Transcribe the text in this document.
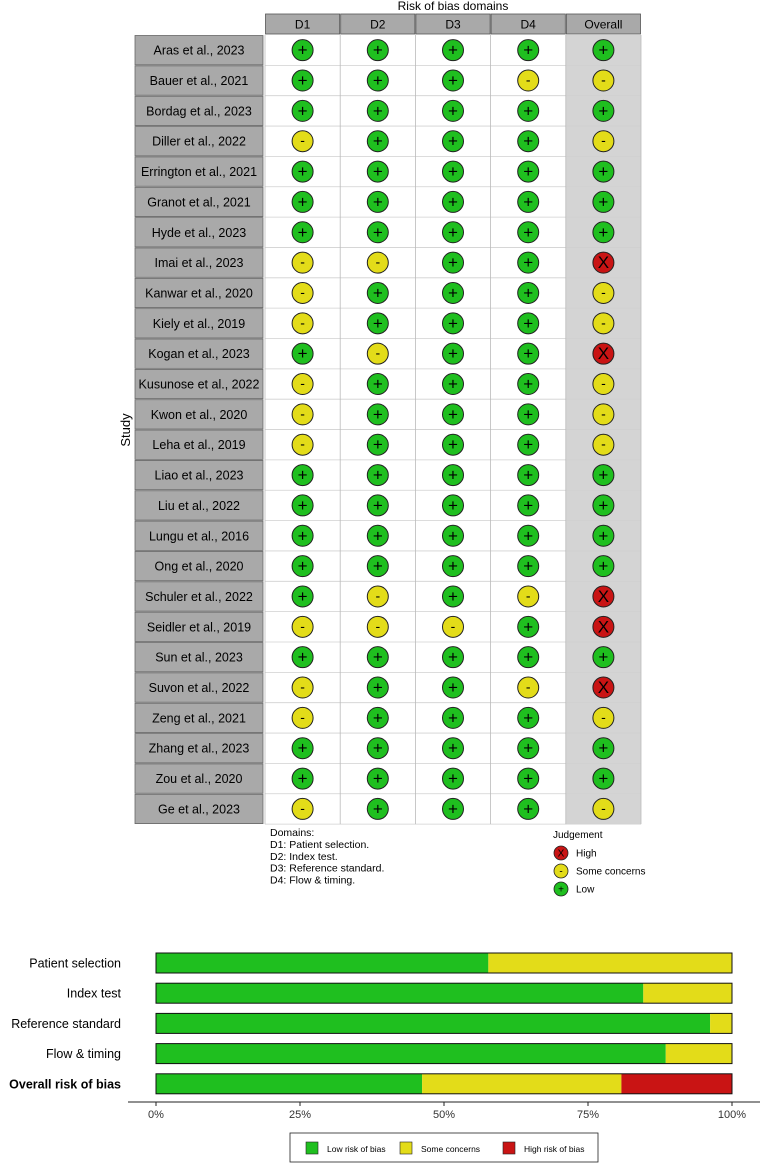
Risk of bias domains
Study
D1	D2	D3	D4	Overall
Aras et al., 2023	+	+	+	+	+
Bauer et al., 2021	+	+	+	-	-
Bordag et al., 2023	+	+	+	+	+
Diller et al., 2022	-	+	+	+	-
Errington et al., 2021 +	+	+	+	+
Granot et al., 2021	+	+	+	+	+
Hyde et al., 2023	+	+	+	+	+
Imai et al., 2023	-	-	+	+	X
Kanwar et al., 2020	-	+	+	+	-
Kiely et al., 2019	-	+	+	+	-
Kogan et al., 2023	+	-	+	+	X
Kusunose et al., 2022	-	+	+	+	-
Kwon et al., 2020	-	+	+	+	-
Leha et al., 2019	-	+	+	+	-
Liao et al., 2023	+	+	+	+	+
Liu et al., 2022	+	+	+	+	+
Lungu et al., 2016	+	+	+	+	+
Ong et al., 2020	+	+	+	+	+
Schuler et al., 2022	+	-	+	-	X
Seidler et al., 2019	-	-	-	+	X
Sun et al., 2023	+	+	+	+	+
Suvon et al., 2022	-	+	+	-	X
Zeng et al., 2021	-	+	+	+	-
Zhang et al., 2023	+	+	+	+	+
Zou et al., 2020	+	+	+	+	+
Ge et al., 2023	-	+	+	+	-
Domains:
D1: Patient selection.
D2: Index test.
D3: Reference standard.
D4: Flow & timing.
Judgement
X High
- Some concerns
+ Low
Patient selection
Index test
Reference standard
Flow & timing
Overall risk of bias
0%	25%	50%	75%	100%
Low risk of bias	Some concerns	High risk of bias
